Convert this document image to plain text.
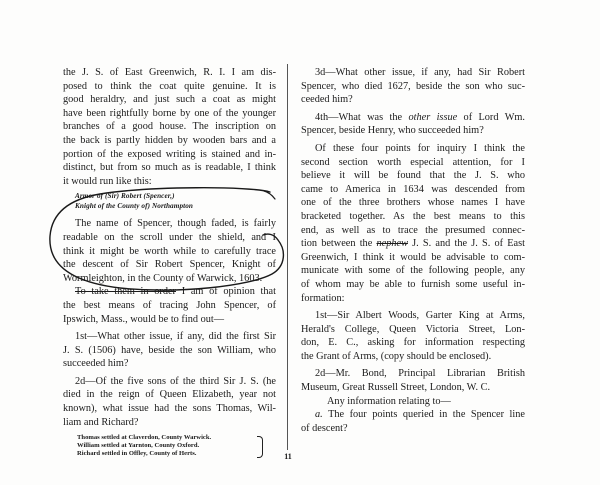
the J. S. of East Greenwich, R. I. I am dis-
posed to think the coat quite genuine. It is
good heraldry, and just such a coat as might
have been rightfully borne by one of the younger
branches of a good house. The inscription on
the back is partly hidden by wooden bars and a
portion of the exposed writing is stained and in-
distinct, but from so much as is readable, I think
it would run like this:
Armor of (Sir) Robert (Spencer,)
Knight of the County of) Northampton
The name of Spencer, though faded, is fairly
readable on the scroll under the shield, and I
think it might be worth while to carefully trace
the descent of Sir Robert Spencer, Knight of
Wormleighton, in the County of Warwick, 1603.
To take them in order I am of opinion that
the best means of tracing John Spencer, of
Ipswich, Mass., would be to find out—
1st—What other issue, if any, did the first Sir
J. S. (1506) have, beside the son William, who
succeeded him?
2d—Of the five sons of the third Sir J. S. (he
died in the reign of Queen Elizabeth, year not
known), what issue had the sons Thomas, Wil-
liam and Richard?
Thomas settled at Claverdon, County Warwick.
William settled at Yarnton, County Oxford.
Richard settled in Offley, County of Herts.
3d—What other issue, if any, had Sir Robert
Spencer, who died 1627, beside the son who suc-
ceeded him?
4th—What was the other issue of Lord Wm.
Spencer, beside Henry, who succeeded him?
Of these four points for inquiry I think the
second section worth especial attention, for I
believe it will be found that the J. S. who
came to America in 1634 was descended from
one of the three brothers whose names I have
bracketed together. As the best means to this
end, as well as to trace the presumed connec-
tion between the nephew J. S. and the J. S. of East
Greenwich, I think it would be advisable to com-
municate with some of the following people, any
of whom may be able to furnish some useful in-
formation:
1st—Sir Albert Woods, Garter King at Arms,
Herald's College, Queen Victoria Street, Lon-
don, E. C., asking for information respecting
the Grant of Arms, (copy should be enclosed).
2d—Mr. Bond, Principal Librarian British
Museum, Great Russell Street, London, W. C.
Any information relating to—
a. The four points queried in the Spencer line
of descent?
11
